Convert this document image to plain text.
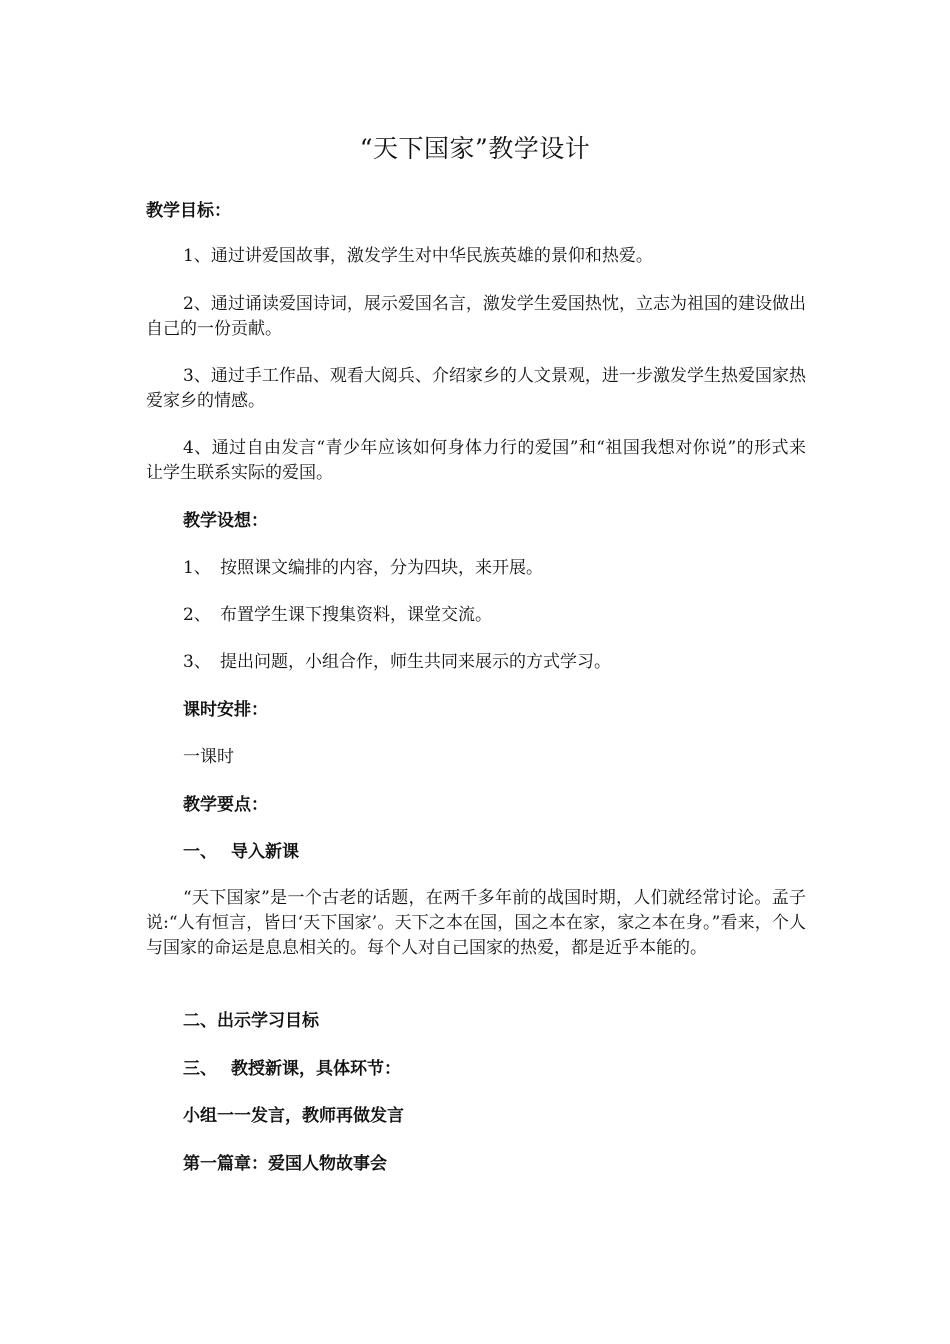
“天下国家”教学设计
教学目标：
1、通过讲爱国故事，激发学生对中华民族英雄的景仰和热爱。
2、通过诵读爱国诗词，展示爱国名言，激发学生爱国热忱，立志为祖国的建设做出自己的一份贡献。
3、通过手工作品、观看大阅兵、介绍家乡的人文景观，进一步激发学生热爱国家热爱家乡的情感。
4、通过自由发言“青少年应该如何身体力行的爱国”和“祖国我想对你说”的形式来让学生联系实际的爱国。
教学设想：
1、 按照课文编排的内容，分为四块，来开展。
2、 布置学生课下搜集资料，课堂交流。
3、 提出问题，小组合作，师生共同来展示的方式学习。
课时安排：
一课时
教学要点：
一、 导入新课
“天下国家”是一个古老的话题，在两千多年前的战国时期，人们就经常讨论。孟子说:“人有恒言，皆曰‘天下国家’。天下之本在国，国之本在家，家之本在身。”看来，个人与国家的命运是息息相关的。每个人对自己国家的热爱，都是近乎本能的。
二、出示学习目标
三、 教授新课，具体环节：
小组一一发言，教师再做发言
第一篇章：爱国人物故事会
